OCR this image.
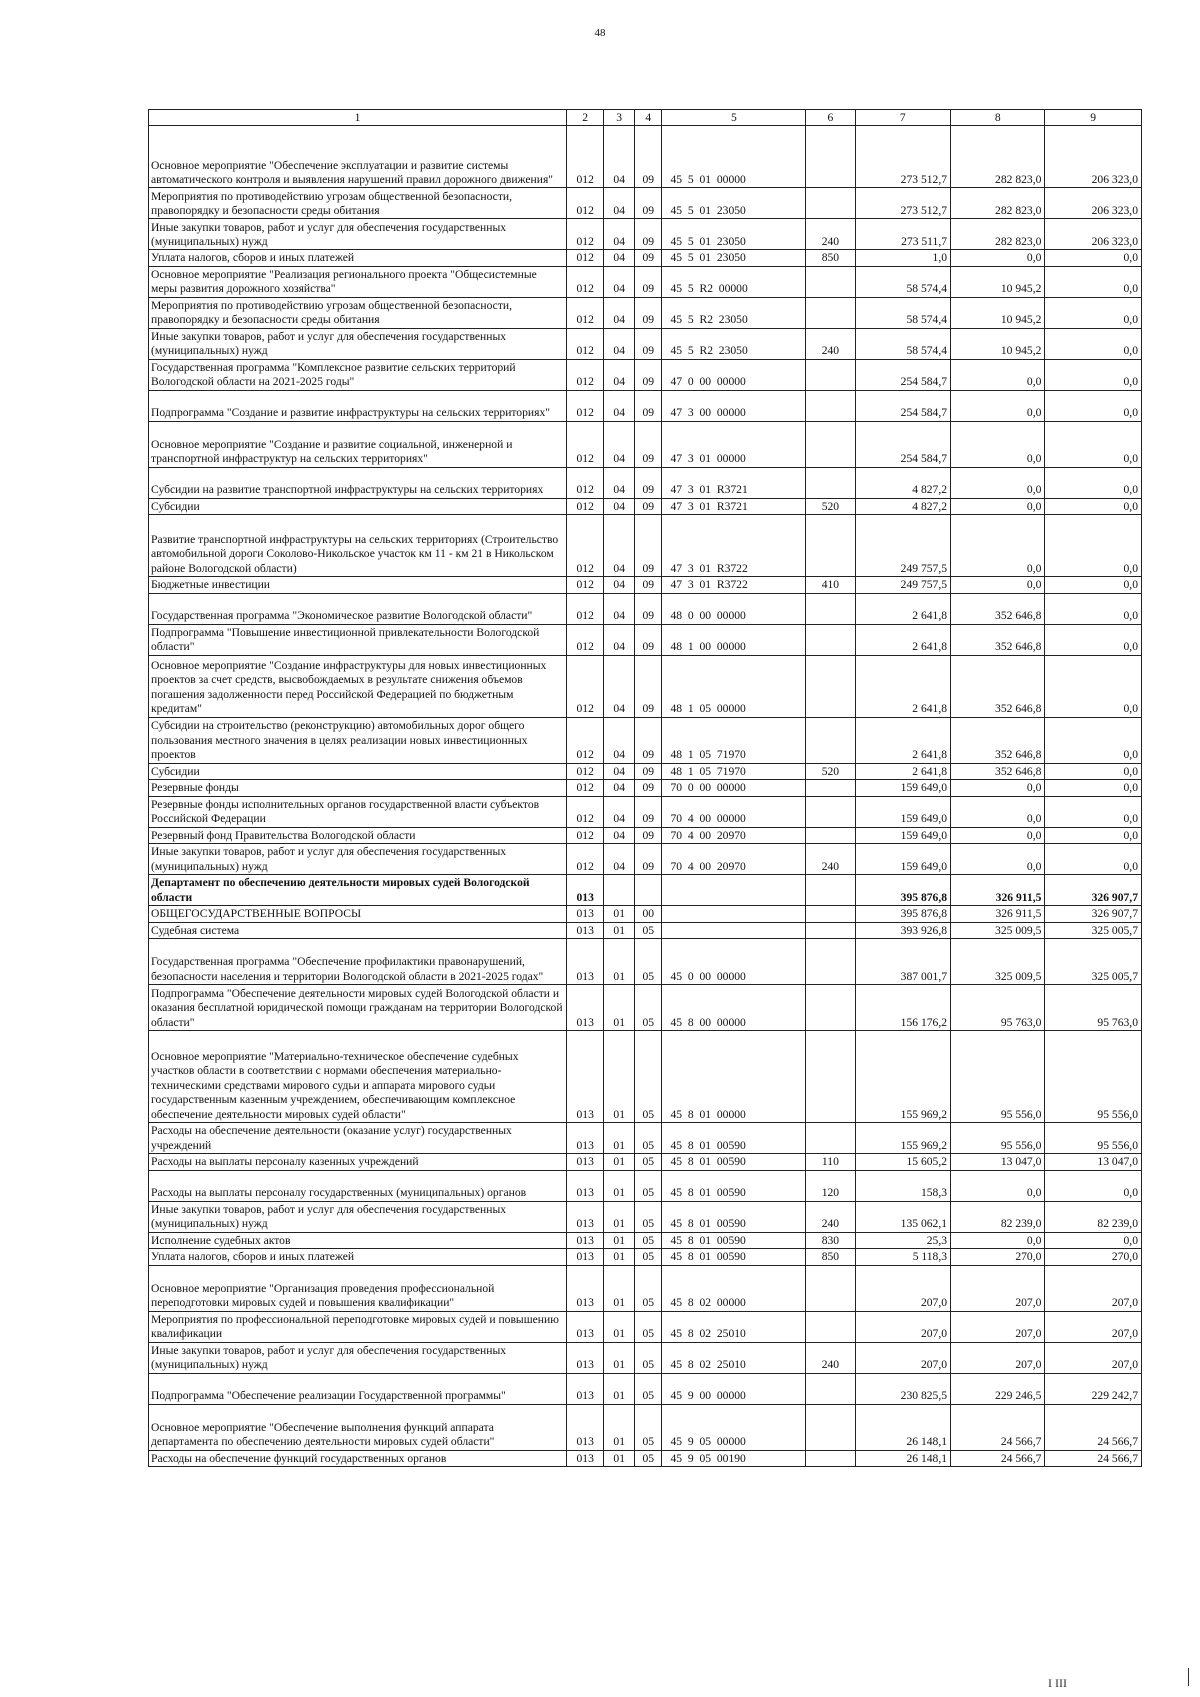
48
1	2	3	4	5	6	7	8	9
Основное мероприятие "Обеспечение эксплуатации и развитие системы автоматического контроля и выявления нарушений правил дорожного движения"	012	04	09	45  5  01  00000		273 512,7	282 823,0	206 323,0
Мероприятия по противодействию угрозам общественной безопасности, правопорядку и безопасности среды обитания	012	04	09	45  5  01  23050		273 512,7	282 823,0	206 323,0
Иные закупки товаров, работ и услуг для обеспечения государственных (муниципальных) нужд	012	04	09	45  5  01  23050	240	273 511,7	282 823,0	206 323,0
Уплата налогов, сборов и иных платежей	012	04	09	45  5  01  23050	850	1,0	0,0	0,0
Основное мероприятие "Реализация регионального проекта "Общесистемные меры развития дорожного хозяйства"	012	04	09	45  5  R2  00000		58 574,4	10 945,2	0,0
Мероприятия по противодействию угрозам общественной безопасности, правопорядку и безопасности среды обитания	012	04	09	45  5  R2  23050		58 574,4	10 945,2	0,0
Иные закупки товаров, работ и услуг для обеспечения государственных (муниципальных) нужд	012	04	09	45  5  R2  23050	240	58 574,4	10 945,2	0,0
Государственная программа "Комплексное развитие сельских территорий Вологодской области на 2021-2025 годы"	012	04	09	47  0  00  00000		254 584,7	0,0	0,0
Подпрограмма "Создание и развитие инфраструктуры на сельских территориях"	012	04	09	47  3  00  00000		254 584,7	0,0	0,0
Основное мероприятие "Создание и развитие социальной, инженерной и транспортной инфраструктур на сельских территориях"	012	04	09	47  3  01  00000		254 584,7	0,0	0,0
Субсидии на развитие транспортной инфраструктуры на сельских территориях	012	04	09	47  3  01  R3721		4 827,2	0,0	0,0
Субсидии	012	04	09	47  3  01  R3721	520	4 827,2	0,0	0,0
Развитие транспортной инфраструктуры на сельских территориях (Строительство автомобильной дороги Соколово-Никольское участок км 11 - км 21 в Никольском районе Вологодской области)	012	04	09	47  3  01  R3722		249 757,5	0,0	0,0
Бюджетные инвестиции	012	04	09	47  3  01  R3722	410	249 757,5	0,0	0,0
Государственная программа "Экономическое развитие Вологодской области"	012	04	09	48  0  00  00000		2 641,8	352 646,8	0,0
Подпрограмма "Повышение инвестиционной привлекательности Вологодской области"	012	04	09	48  1  00  00000		2 641,8	352 646,8	0,0
Основное мероприятие "Создание инфраструктуры для новых инвестиционных проектов за счет средств, высвобождаемых в результате снижения объемов погашения задолженности перед Российской Федерацией по бюджетным кредитам"	012	04	09	48  1  05  00000		2 641,8	352 646,8	0,0
Субсидии на строительство (реконструкцию) автомобильных дорог общего пользования местного значения в целях реализации новых инвестиционных проектов	012	04	09	48  1  05  71970		2 641,8	352 646,8	0,0
Субсидии	012	04	09	48  1  05  71970	520	2 641,8	352 646,8	0,0
Резервные фонды	012	04	09	70  0  00  00000		159 649,0	0,0	0,0
Резервные фонды исполнительных органов государственной власти субъектов Российской Федерации	012	04	09	70  4  00  00000		159 649,0	0,0	0,0
Резервный фонд Правительства Вологодской области	012	04	09	70  4  00  20970		159 649,0	0,0	0,0
Иные закупки товаров, работ и услуг для обеспечения государственных (муниципальных) нужд	012	04	09	70  4  00  20970	240	159 649,0	0,0	0,0
Департамент по обеспечению деятельности мировых судей Вологодской области	013					395 876,8	326 911,5	326 907,7
ОБЩЕГОСУДАРСТВЕННЫЕ ВОПРОСЫ	013	01	00			395 876,8	326 911,5	326 907,7
Судебная система	013	01	05			393 926,8	325 009,5	325 005,7
Государственная программа "Обеспечение профилактики правонарушений, безопасности населения и территории Вологодской области в 2021-2025 годах"	013	01	05	45  0  00  00000		387 001,7	325 009,5	325 005,7
Подпрограмма "Обеспечение деятельности мировых судей Вологодской области и оказания бесплатной юридической помощи гражданам на территории Вологодской области"	013	01	05	45  8  00  00000		156 176,2	95 763,0	95 763,0
Основное мероприятие "Материально-техническое обеспечение судебных участков области в соответствии с нормами обеспечения материально-техническими средствами мирового судьи и аппарата мирового судьи государственным казенным учреждением, обеспечивающим комплексное обеспечение деятельности мировых судей области"	013	01	05	45  8  01  00000		155 969,2	95 556,0	95 556,0
Расходы на обеспечение деятельности (оказание услуг) государственных учреждений	013	01	05	45  8  01  00590		155 969,2	95 556,0	95 556,0
Расходы на выплаты персоналу казенных учреждений	013	01	05	45  8  01  00590	110	15 605,2	13 047,0	13 047,0
Расходы на выплаты персоналу государственных (муниципальных) органов	013	01	05	45  8  01  00590	120	158,3	0,0	0,0
Иные закупки товаров, работ и услуг для обеспечения государственных (муниципальных) нужд	013	01	05	45  8  01  00590	240	135 062,1	82 239,0	82 239,0
Исполнение судебных актов	013	01	05	45  8  01  00590	830	25,3	0,0	0,0
Уплата налогов, сборов и иных платежей	013	01	05	45  8  01  00590	850	5 118,3	270,0	270,0
Основное мероприятие "Организация проведения профессиональной переподготовки мировых судей и повышения квалификации"	013	01	05	45  8  02  00000		207,0	207,0	207,0
Мероприятия по профессиональной переподготовке мировых судей и повышению квалификации	013	01	05	45  8  02  25010		207,0	207,0	207,0
Иные закупки товаров, работ и услуг для обеспечения государственных (муниципальных) нужд	013	01	05	45  8  02  25010	240	207,0	207,0	207,0
Подпрограмма "Обеспечение реализации Государственной программы"	013	01	05	45  9  00  00000		230 825,5	229 246,5	229 242,7
Основное мероприятие "Обеспечение выполнения функций аппарата департамента по обеспечению деятельности мировых судей области"	013	01	05	45  9  05  00000		26 148,1	24 566,7	24 566,7
Расходы на обеспечение функций государственных органов	013	01	05	45  9  05  00190		26 148,1	24 566,7	24 566,7
I III
